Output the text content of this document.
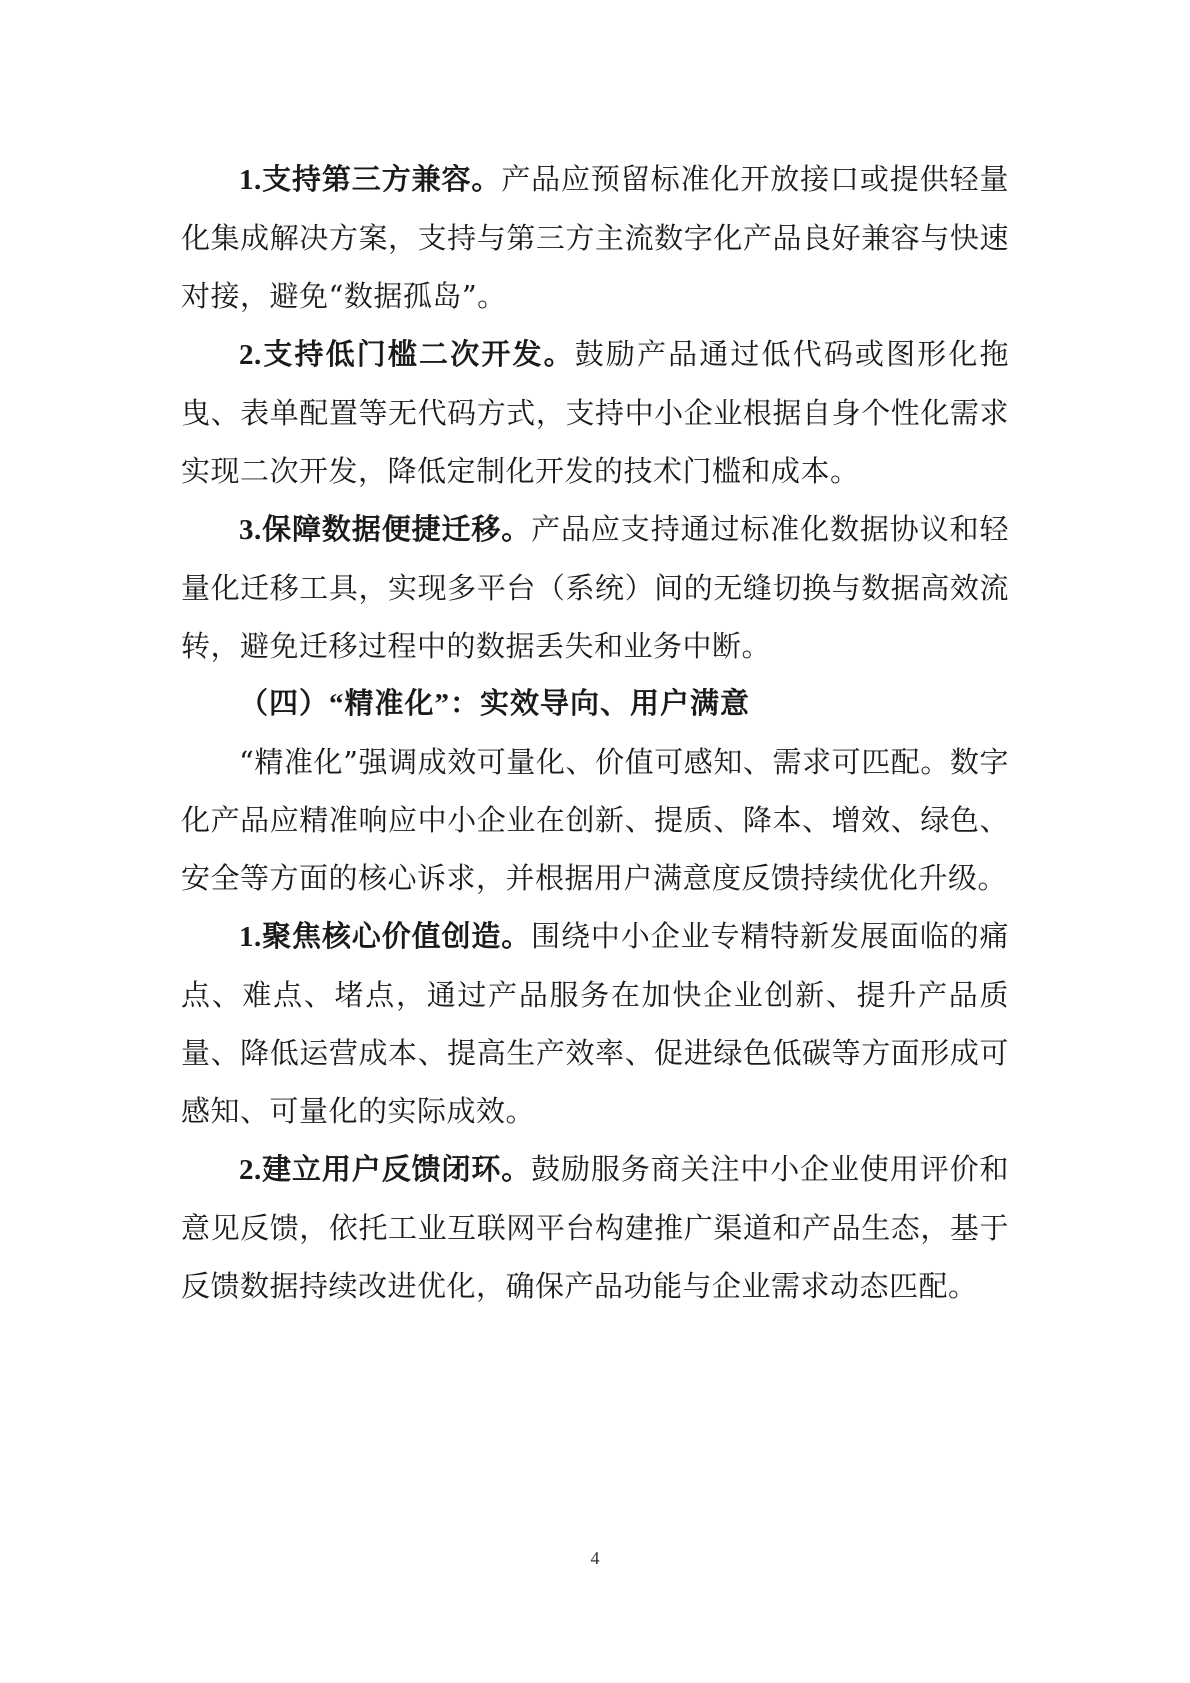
1.支持第三方兼容。产品应预留标准化开放接口或提供轻量化集成解决方案，支持与第三方主流数字化产品良好兼容与快速对接，避免“数据孤岛”。

2.支持低门槛二次开发。鼓励产品通过低代码或图形化拖曳、表单配置等无代码方式，支持中小企业根据自身个性化需求实现二次开发，降低定制化开发的技术门槛和成本。

3.保障数据便捷迁移。产品应支持通过标准化数据协议和轻量化迁移工具，实现多平台（系统）间的无缝切换与数据高效流转，避免迁移过程中的数据丢失和业务中断。

（四）“精准化”：实效导向、用户满意

“精准化”强调成效可量化、价值可感知、需求可匹配。数字化产品应精准响应中小企业在创新、提质、降本、增效、绿色、安全等方面的核心诉求，并根据用户满意度反馈持续优化升级。

1.聚焦核心价值创造。围绕中小企业专精特新发展面临的痛点、难点、堵点，通过产品服务在加快企业创新、提升产品质量、降低运营成本、提高生产效率、促进绿色低碳等方面形成可感知、可量化的实际成效。

2.建立用户反馈闭环。鼓励服务商关注中小企业使用评价和意见反馈，依托工业互联网平台构建推广渠道和产品生态，基于反馈数据持续改进优化，确保产品功能与企业需求动态匹配。

4
